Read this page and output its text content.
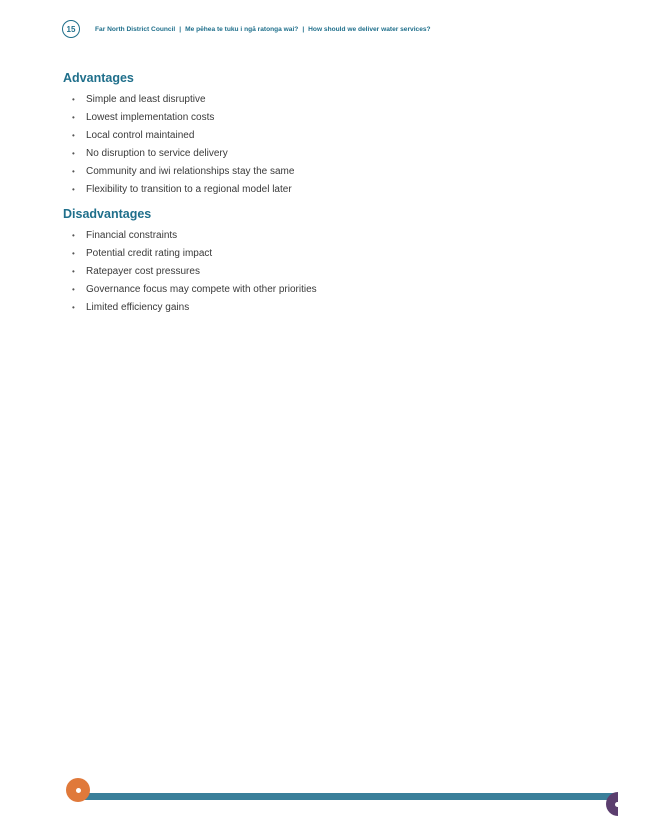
15	Far North District Council | Me pēhea te tuku i ngā ratonga wai? | How should we deliver water services?
Advantages
• Simple and least disruptive
• Lowest implementation costs
• Local control maintained
• No disruption to service delivery
• Community and iwi relationships stay the same
• Flexibility to transition to a regional model later
Disadvantages
• Financial constraints
• Potential credit rating impact
• Ratepayer cost pressures
• Governance focus may compete with other priorities
• Limited efficiency gains
